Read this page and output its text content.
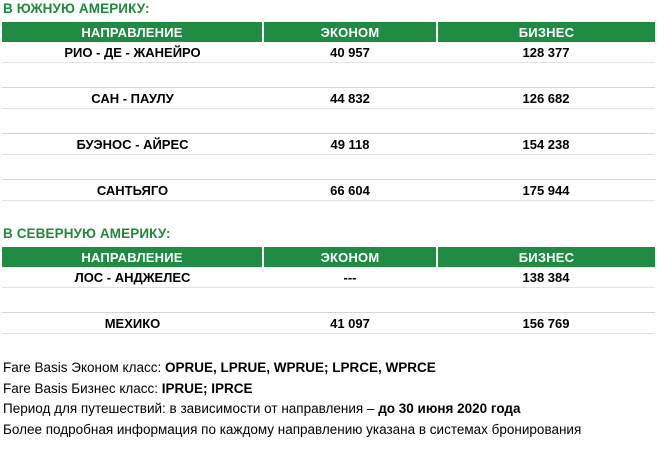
В ЮЖНУЮ АМЕРИКУ:
НАПРАВЛЕНИЕ	ЭКОНОМ	БИЗНЕС
РИО - ДЕ - ЖАНЕЙРО	40 957	128 377

САН - ПАУЛУ	44 832	126 682

БУЭНОС - АЙРЕС	49 118	154 238

САНТЬЯГО	66 604	175 944
В СЕВЕРНУЮ АМЕРИКУ:
НАПРАВЛЕНИЕ	ЭКОНОМ	БИЗНЕС
ЛОС - АНДЖЕЛЕС	---	138 384

МЕХИКО	41 097	156 769
Fare Basis Эконом класс: OPRUE, LPRUE, WPRUE; LPRCE, WPRCE
Fare Basis Бизнес класс: IPRUE; IPRCE
Период для путешествий: в зависимости от направления – до 30 июня 2020 года
Более подробная информация по каждому направлению указана в системах бронирования
